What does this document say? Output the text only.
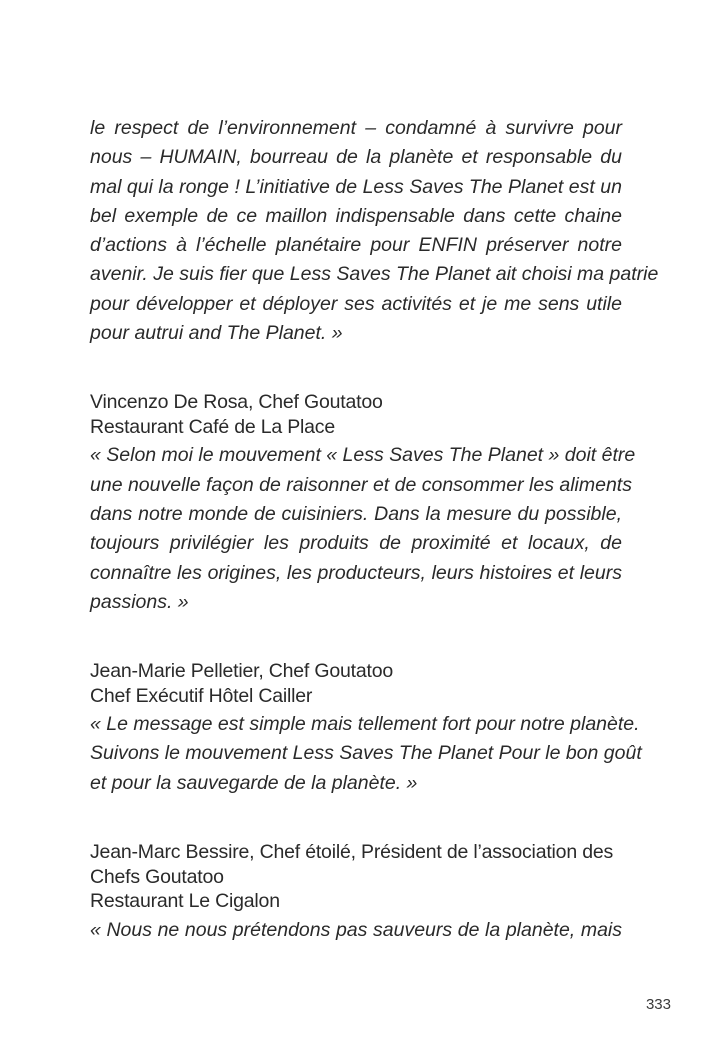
le respect de l’environnement – condamné à survivre pour
nous – HUMAIN, bourreau de la planète et responsable du
mal qui la ronge ! L’initiative de Less Saves The Planet est un
bel exemple de ce maillon indispensable dans cette chaine
d’actions à l’échelle planétaire pour ENFIN préserver notre
avenir. Je suis fier que Less Saves The Planet ait choisi ma patrie
pour développer et déployer ses activités et je me sens utile
pour autrui and The Planet. »
Vincenzo De Rosa, Chef Goutatoo
Restaurant Café de La Place
« Selon moi le mouvement « Less Saves The Planet » doit être
une nouvelle façon de raisonner et de consommer les aliments
dans notre monde de cuisiniers. Dans la mesure du possible,
toujours privilégier les produits de proximité et locaux, de
connaître les origines, les producteurs, leurs histoires et leurs
passions. »
Jean-Marie Pelletier, Chef Goutatoo
Chef Exécutif Hôtel Cailler
« Le message est simple mais tellement fort pour notre planète.
Suivons le mouvement Less Saves The Planet Pour le bon goût
et pour la sauvegarde de la planète. »
Jean-Marc Bessire, Chef étoilé, Président de l’association des
Chefs Goutatoo
Restaurant Le Cigalon
« Nous ne nous prétendons pas sauveurs de la planète, mais
333
